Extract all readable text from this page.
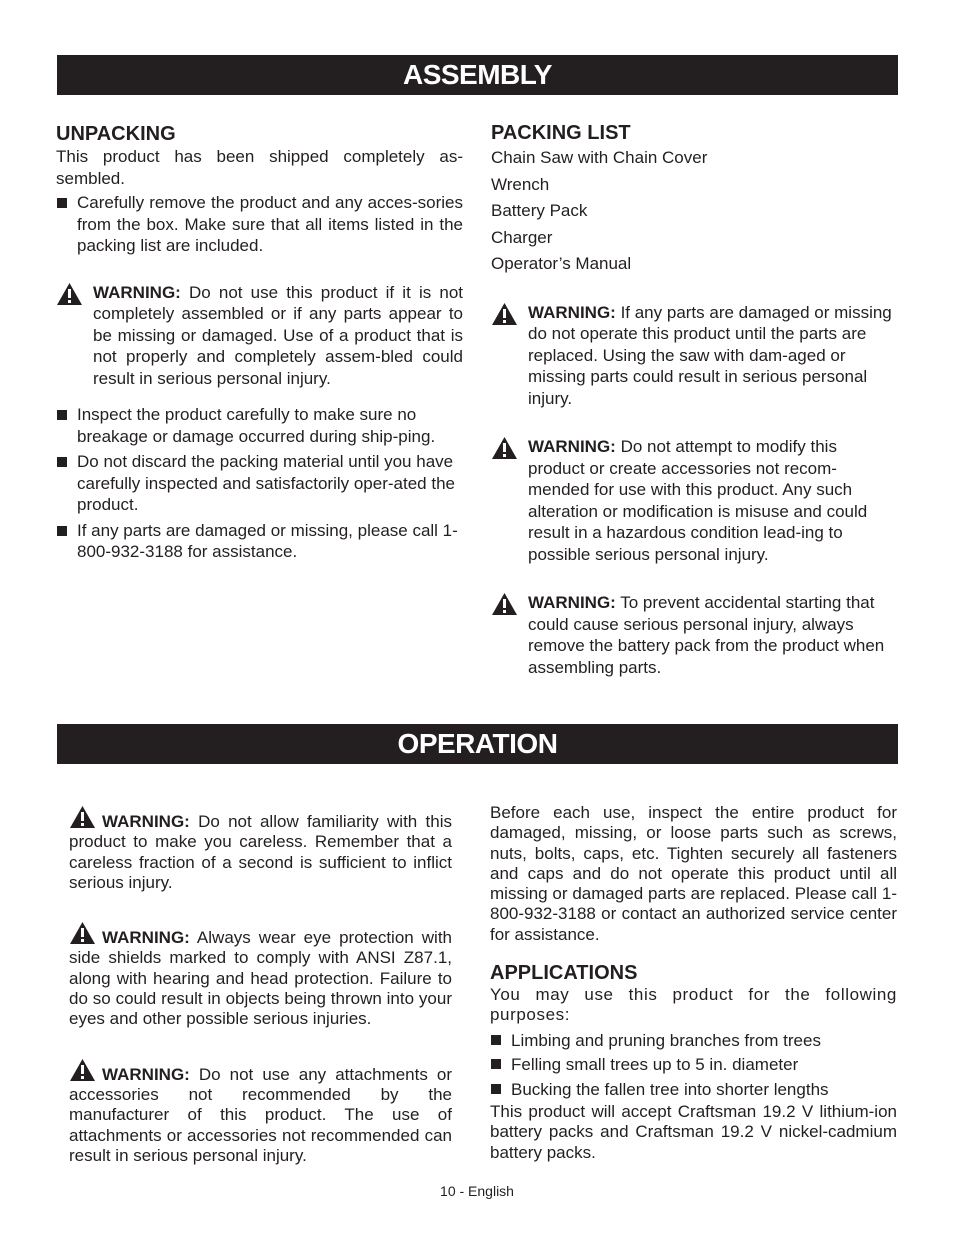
ASSEMBLY
UNPACKING

This product has been shipped completely as-sembled.

Carefully remove the product and any acces-sories from the box. Make sure that all items listed in the packing list are included.
WARNING: Do not use this product if it is not completely assembled or if any parts appear to be missing or damaged. Use of a product that is not properly and completely assem-bled could result in serious personal injury.
Inspect the product carefully to make sure no breakage or damage occurred during ship-ping.
Do not discard the packing material until you have carefully inspected and satisfactorily oper-ated the product.
If any parts are damaged or missing, please call 1-800-932-3188 for assistance.
PACKING LIST
Chain Saw with Chain Cover
Wrench
Battery Pack
Charger
Operator’s Manual
WARNING: If any parts are damaged or missing do not operate this product until the parts are replaced. Using the saw with dam-aged or missing parts could result in serious personal injury.
WARNING: Do not attempt to modify this product or create accessories not recom-mended for use with this product. Any such alteration or modification is misuse and could result in a hazardous condition lead-ing to possible serious personal injury.
WARNING: To prevent accidental starting that could cause serious personal injury, always remove the battery pack from the product when assembling parts.
OPERATION

WARNING: Do not allow familiarity with this product to make you careless. Remember that a careless fraction of a second is sufficient to inflict serious injury.

WARNING: Always wear eye protection with side shields marked to comply with ANSI Z87.1, along with hearing and head protection. Failure to do so could result in objects being thrown into your eyes and other possible serious injuries.

WARNING: Do not use any attachments or accessories not recommended by the manufacturer of this product. The use of attachments or accessories not recommended can result in serious personal injury.

Before each use, inspect the entire product for damaged, missing, or loose parts such as screws, nuts, bolts, caps, etc. Tighten securely all fasteners and caps and do not operate this product until all missing or damaged parts are replaced. Please call 1-800-932-3188 or contact an authorized service center for assistance.

APPLICATIONS

You may use this product for the following purposes:

Limbing and pruning branches from trees
Felling small trees up to 5 in. diameter
Bucking the fallen tree into shorter lengths

This product will accept Craftsman 19.2 V lithium-ion battery packs and Craftsman 19.2 V nickel-cadmium battery packs.

10 - English
